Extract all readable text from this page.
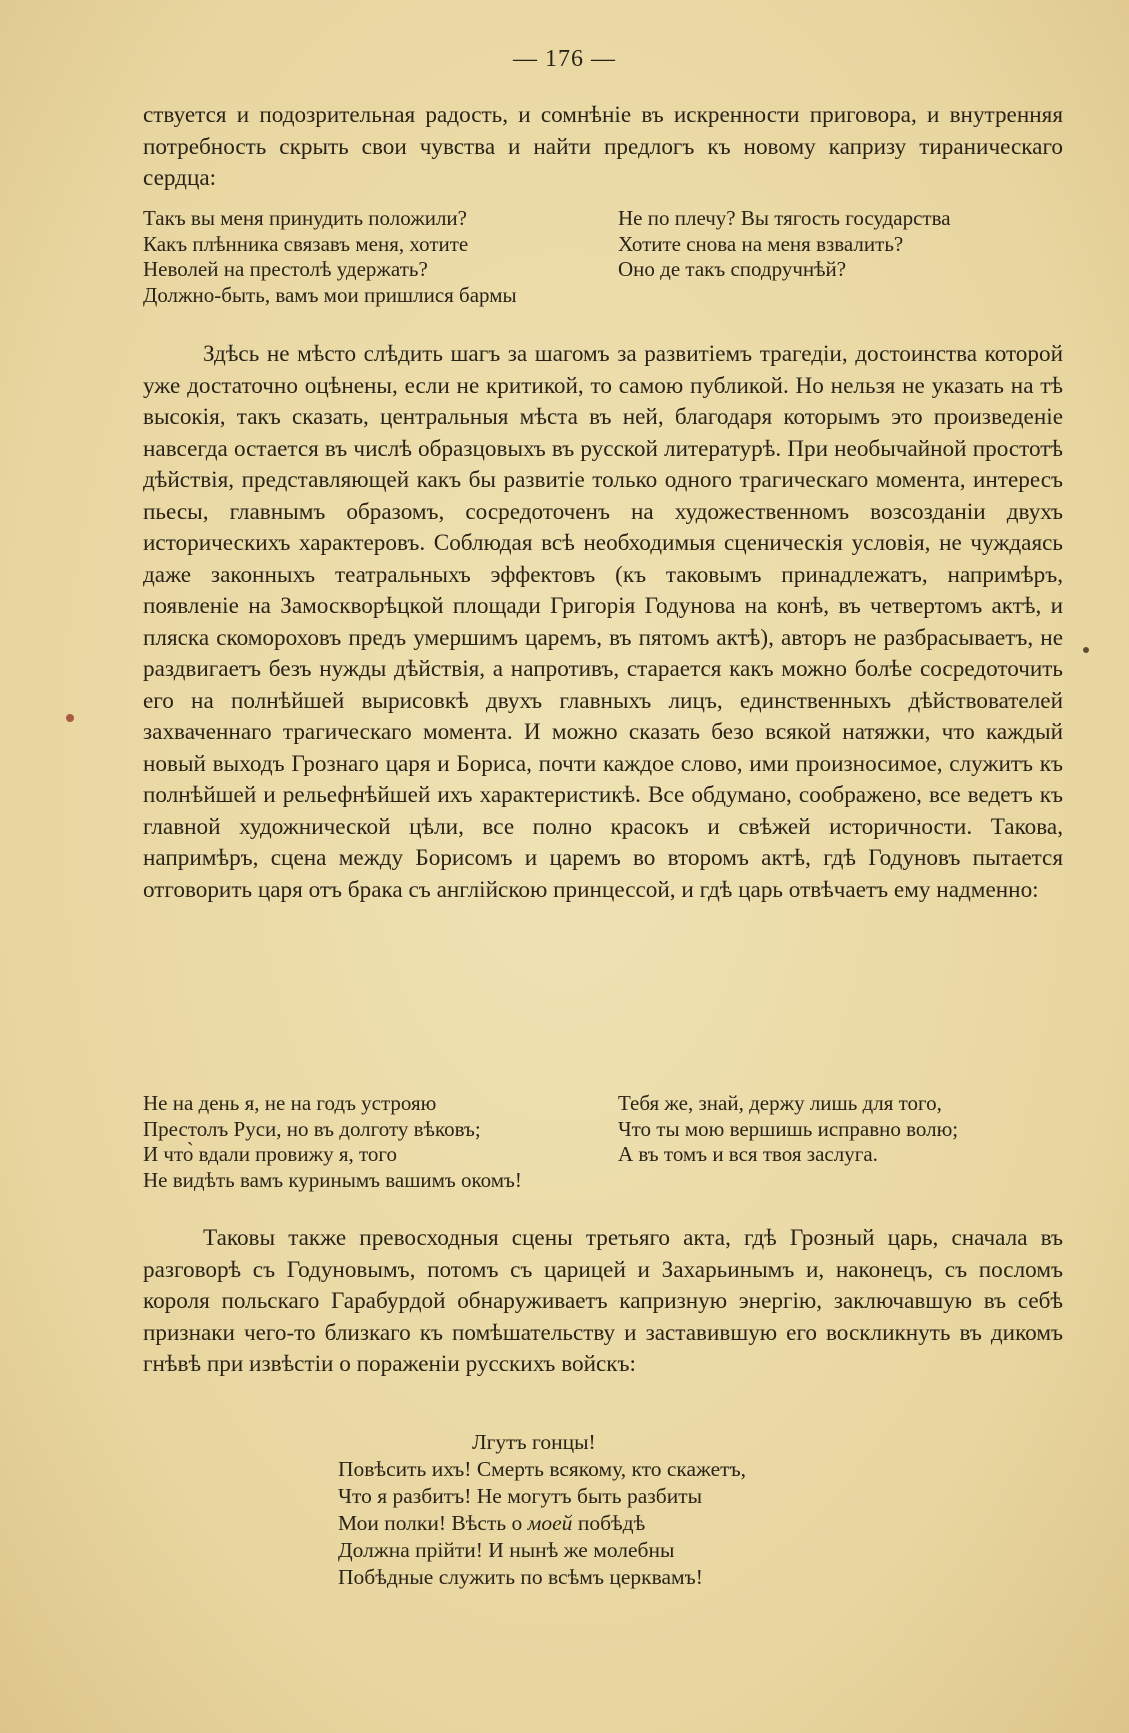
— 176 —

ствуется и подозрительная радость, и сомнѣніе въ искренности приговора, и внутренняя потребность скрыть свои чувства и найти предлогъ къ новому капризу тираническаго сердца:

Такъ вы меня принудить положили?
Какъ плѣнника связавъ меня, хотите
Неволей на престолѣ удержать?
Должно-быть, вамъ мои пришлися бармы
Не по плечу? Вы тягость государства
Хотите снова на меня взвалить?
Оно де такъ сподручнѣй?

Здѣсь не мѣсто слѣдить шагъ за шагомъ за развитіемъ трагедіи, достоинства которой уже достаточно оцѣнены, если не критикой, то самою публикой. Но нельзя не указать на тѣ высокія, такъ сказать, центральныя мѣста въ ней, благодаря которымъ это произведеніе навсегда остается въ числѣ образцовыхъ въ русской литературѣ. При необычайной простотѣ дѣйствія, представляющей какъ бы развитіе только одного трагическаго момента, интересъ пьесы, главнымъ образомъ, сосредоточенъ на художественномъ возсозданіи двухъ историческихъ характеровъ. Соблюдая всѣ необходимыя сценическія условія, не чуждаясь даже законныхъ театральныхъ эффектовъ (къ таковымъ принадлежатъ, напримѣръ, появленіе на Замоскворѣцкой площади Григорія Годунова на конѣ, въ четвертомъ актѣ, и пляска скомороховъ предъ умершимъ царемъ, въ пятомъ актѣ), авторъ не разбрасываетъ, не раздвигаетъ безъ нужды дѣйствія, а напротивъ, старается какъ можно болѣе сосредоточить его на полнѣйшей вырисовкѣ двухъ главныхъ лицъ, единственныхъ дѣйствователей захваченнаго трагическаго момента. И можно сказать безо всякой натяжки, что каждый новый выходъ Грознаго царя и Бориса, почти каждое слово, ими произносимое, служитъ къ полнѣйшей и рельефнѣйшей ихъ характеристикѣ. Все обдумано, соображено, все ведетъ къ главной художнической цѣли, все полно красокъ и свѣжей историчности. Такова, напримѣръ, сцена между Борисомъ и царемъ во второмъ актѣ, гдѣ Годуновъ пытается отговорить царя отъ брака съ англійскою принцессой, и гдѣ царь отвѣчаетъ ему надменно:

Не на день я, не на годъ устрояю
Престолъ Руси, но въ долготу вѣковъ;
И что̀ вдали провижу я, того
Не видѣть вамъ куринымъ вашимъ окомъ!
Тебя же, знай, держу лишь для того,
Что ты мою вершишь исправно волю;
А въ томъ и вся твоя заслуга.

Таковы также превосходныя сцены третьяго акта, гдѣ Грозный царь, сначала въ разговорѣ съ Годуновымъ, потомъ съ царицей и Захарьинымъ и, наконецъ, съ посломъ короля польскаго Гарабурдой обнаруживаетъ капризную энергію, заключавшую въ себѣ признаки чего-то близкаго къ помѣшательству и заставившую его воскликнуть въ дикомъ гнѣвѣ при извѣстіи о пораженіи русскихъ войскъ:

Лгутъ гонцы!
Повѣсить ихъ! Смерть всякому, кто скажетъ,
Что я разбитъ! Не могутъ быть разбиты
Мои полки! Вѣсть о моей побѣдѣ
Должна прійти! И нынѣ же молебны
Побѣдные служить по всѣмъ церквамъ!
